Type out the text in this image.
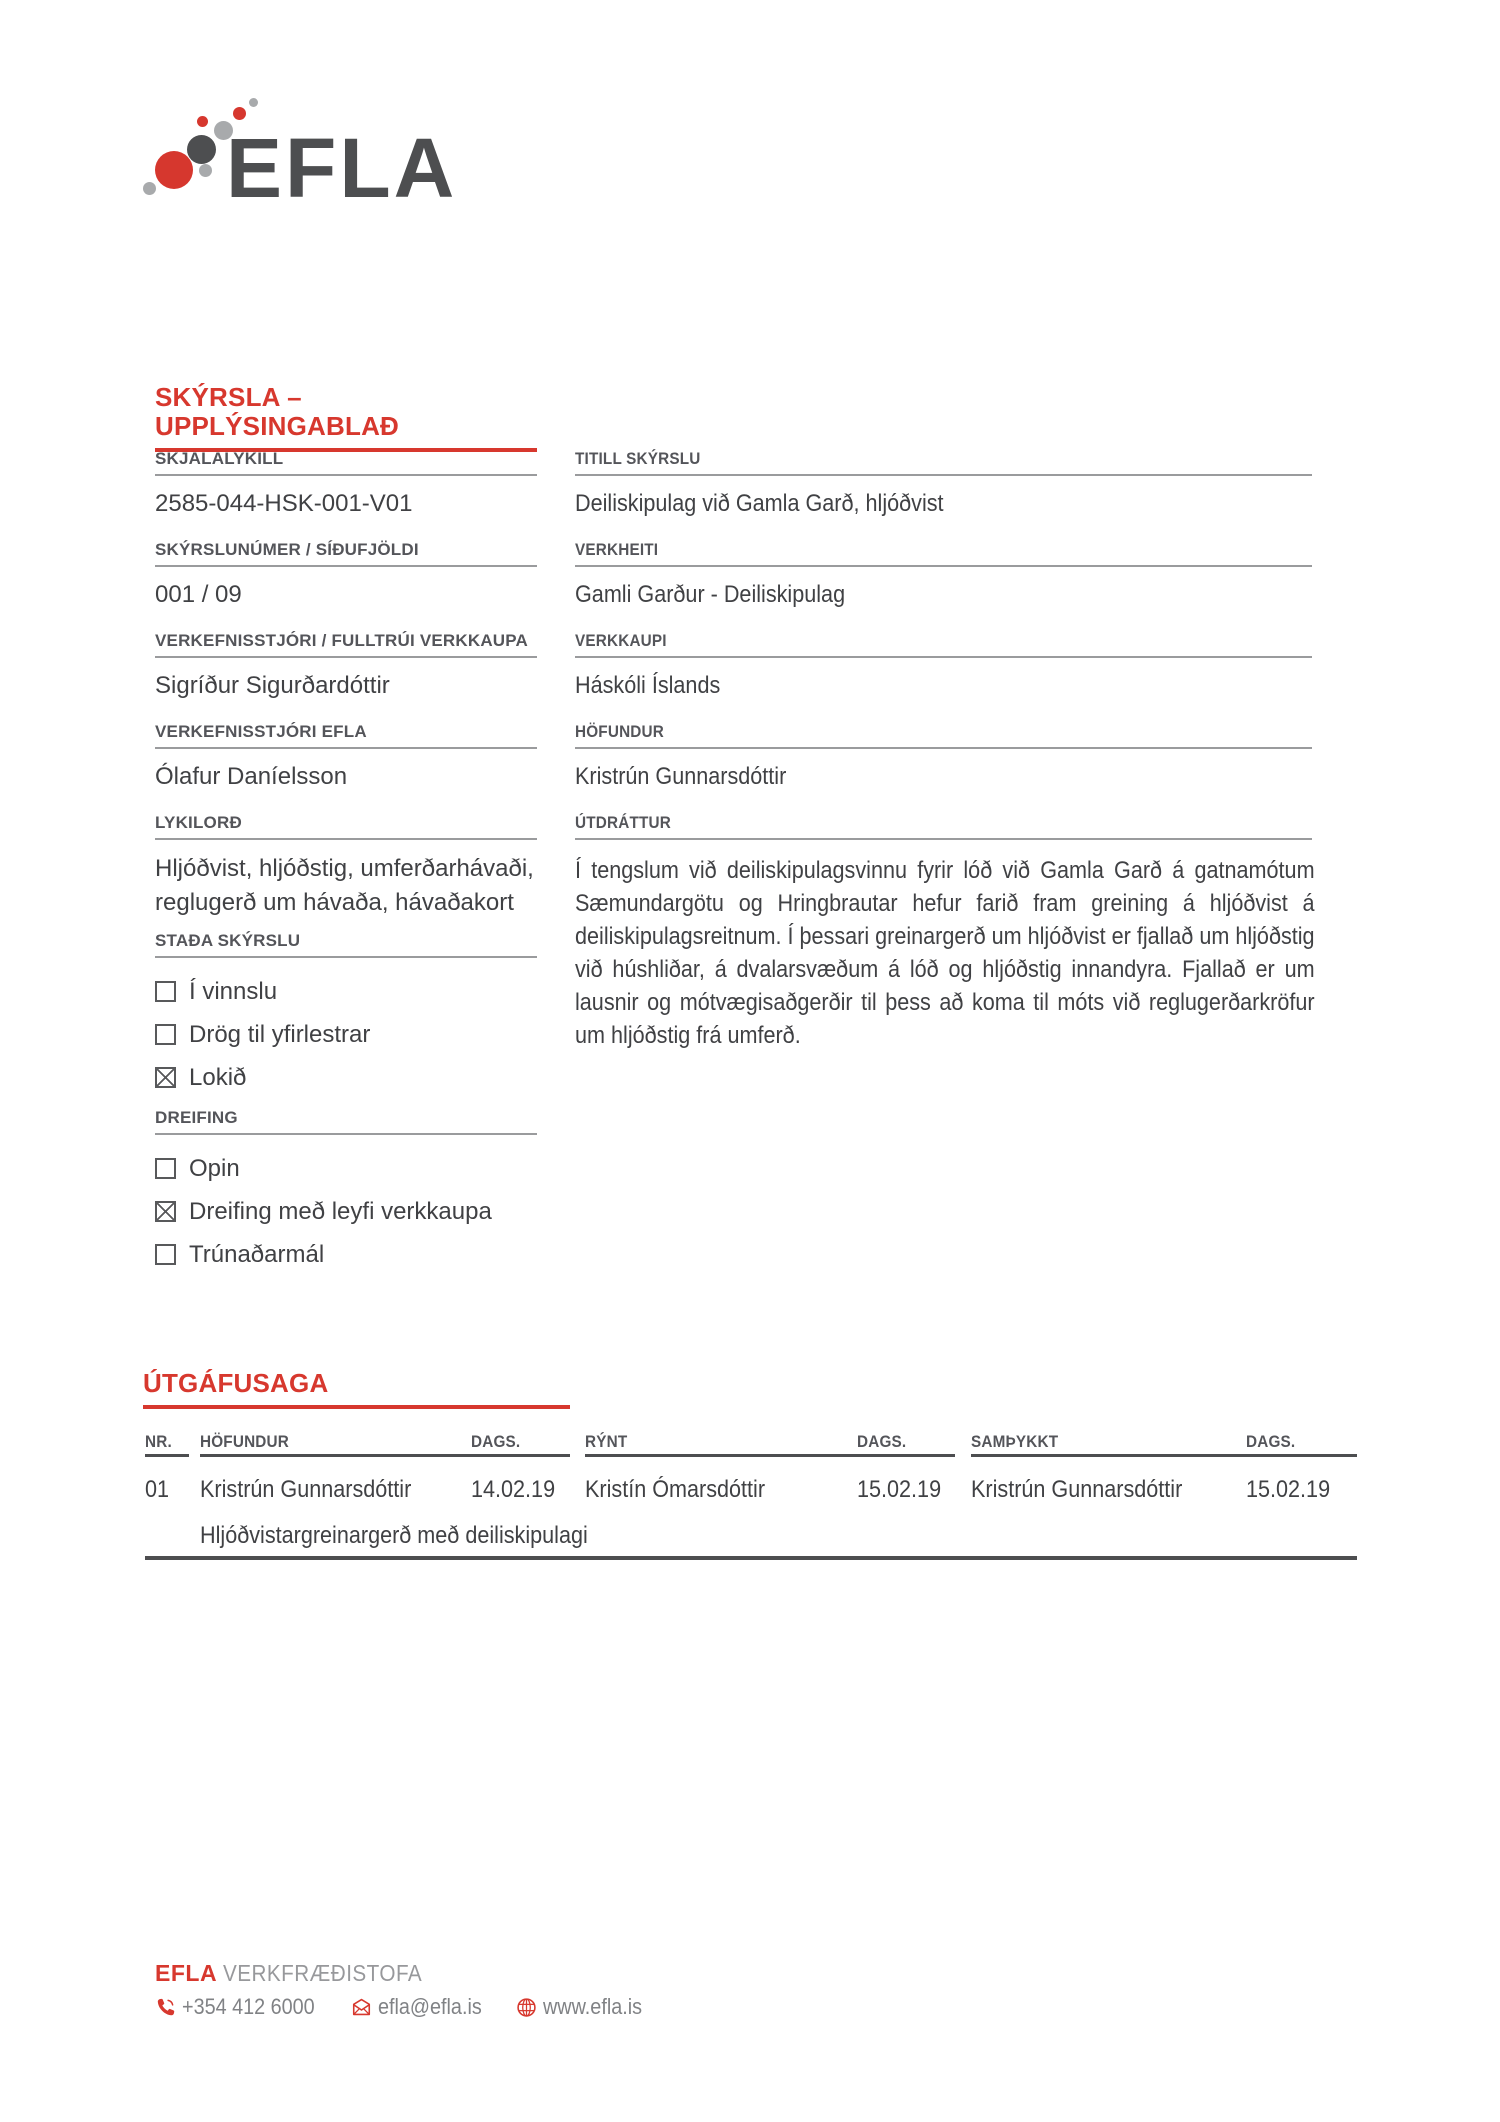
EFLA
SKÝRSLA – UPPLÝSINGABLAÐ
SKJALALYKILL
2585-044-HSK-001-V01
SKÝRSLUNÚMER / SÍÐUFJÖLDI
001 / 09
VERKEFNISSTJÓRI / FULLTRÚI VERKKAUPA
Sigríður Sigurðardóttir
VERKEFNISSTJÓRI EFLA
Ólafur Daníelsson
LYKILORÐ
Hljóðvist, hljóðstig, umferðarhávaði, reglugerð um hávaða, hávaðakort
STAÐA SKÝRSLU
Í vinnslu
Drög til yfirlestrar
Lokið
DREIFING
Opin
Dreifing með leyfi verkkaupa
Trúnaðarmál
TITILL SKÝRSLU
Deiliskipulag við Gamla Garð, hljóðvist
VERKHEITI
Gamli Garður - Deiliskipulag
VERKKAUPI
Háskóli Íslands
HÖFUNDUR
Kristrún Gunnarsdóttir
ÚTDRÁTTUR
Í tengslum við deiliskipulagsvinnu fyrir lóð við Gamla Garð á gatnamótum Sæmundargötu og Hringbrautar hefur farið fram greining á hljóðvist á deiliskipulagsreitnum. Í þessari greinargerð um hljóðvist er fjallað um hljóðstig við húshliðar, á dvalarsvæðum á lóð og hljóðstig innandyra. Fjallað er um lausnir og mótvægisaðgerðir til þess að koma til móts við reglugerðarkröfur um hljóðstig frá umferð.
ÚTGÁFUSAGA
NR. HÖFUNDUR	DAGS.	RÝNT	DAGS.	SAMÞYKKT	DAGS.
01 Kristrún Gunnarsdóttir	14.02.19	Kristín Ómarsdóttir	15.02.19	Kristrún Gunnarsdóttir	15.02.19
Hljóðvistargreinargerð með deiliskipulagi
EFLA VERKFRÆÐISTOFA
+354 412 6000	efla@efla.is	www.efla.is
